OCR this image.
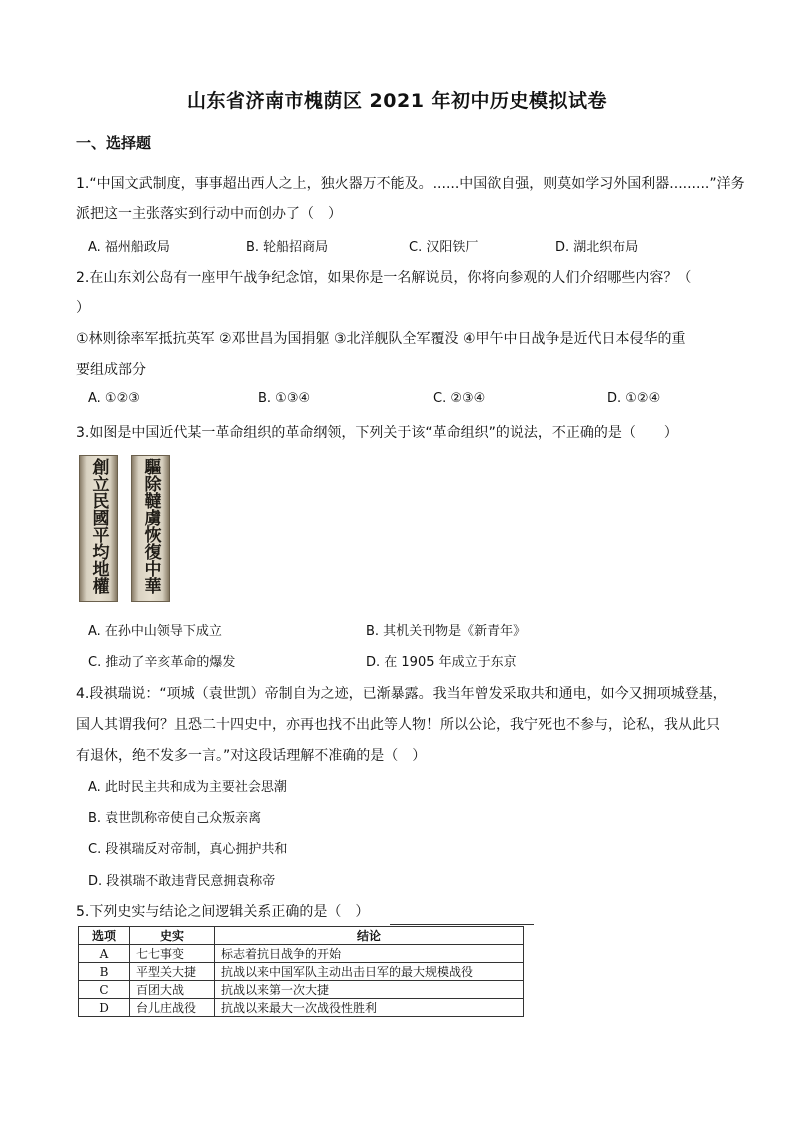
山东省济南市槐荫区 2021 年初中历史模拟试卷
一、选择题
1.“中国文武制度，事事超出西人之上，独火器万不能及。......中国欲自强，则莫如学习外国利器.........”洋务
派把这一主张落实到行动中而创办了（　）
A. 福州船政局	B. 轮船招商局	C. 汉阳铁厂	D. 湖北织布局
2.在山东刘公岛有一座甲午战争纪念馆，如果你是一名解说员，你将向参观的人们介绍哪些内容？（
）
①林则徐率军抵抗英军 ②邓世昌为国捐躯 ③北洋舰队全军覆没 ④甲午中日战争是近代日本侵华的重
要组成部分
A. ①②③	B. ①③④	C. ②③④	D. ①②④
3.如图是中国近代某一革命组织的革命纲领，下列关于该“革命组织”的说法，不正确的是（　　）
創立民國平均地權 驅除韃虜恢復中華
A. 在孙中山领导下成立	B. 其机关刊物是《新青年》
C. 推动了辛亥革命的爆发	D. 在 1905 年成立于东京
4.段祺瑞说：“项城（袁世凯）帝制自为之迹，已渐暴露。我当年曾发采取共和通电，如今又拥项城登基，
国人其谓我何？且恐二十四史中，亦再也找不出此等人物！所以公论，我宁死也不参与，论私，我从此只
有退休，绝不发多一言。”对这段话理解不准确的是（　）
A. 此时民主共和成为主要社会思潮
B. 袁世凯称帝使自己众叛亲离
C. 段祺瑞反对帝制，真心拥护共和
D. 段祺瑞不敢违背民意拥袁称帝
5.下列史实与结论之间逻辑关系正确的是（　）
选项	史实	结论
A	七七事变	标志着抗日战争的开始
B	平型关大捷	抗战以来中国军队主动出击日军的最大规模战役
C	百团大战	抗战以来第一次大捷
D	台儿庄战役	抗战以来最大一次战役性胜利
